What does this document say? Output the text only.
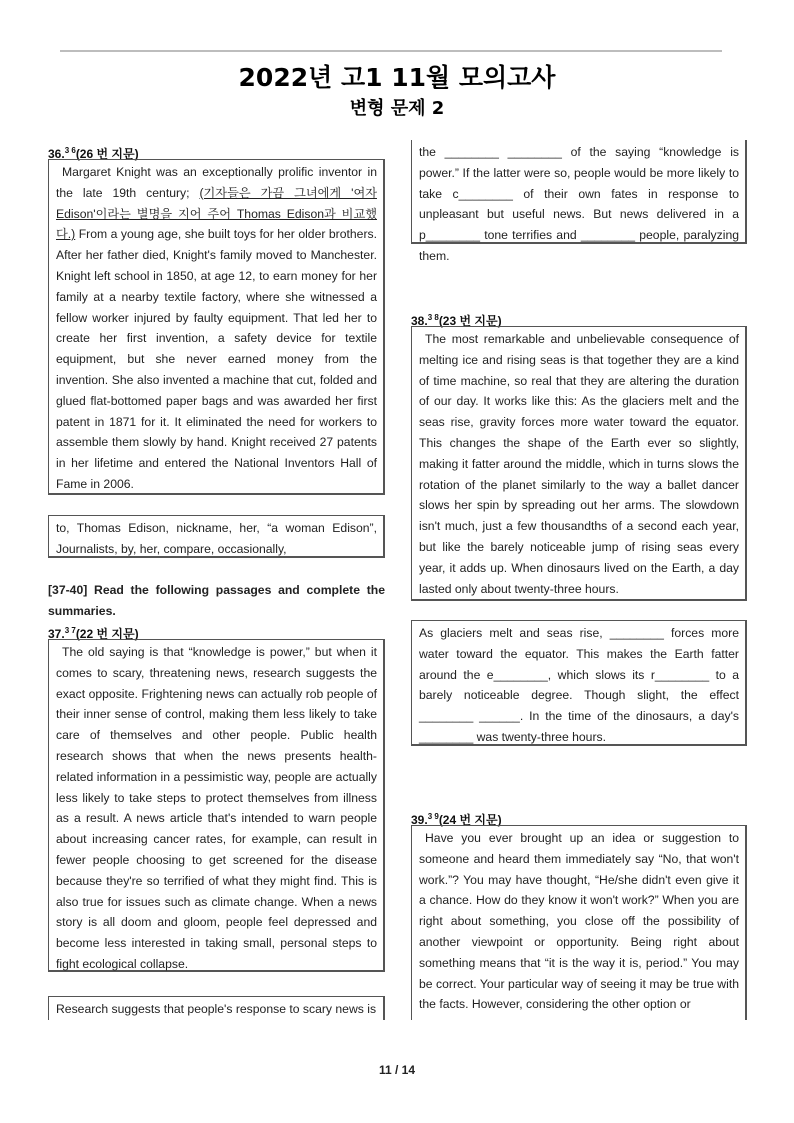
2022년 고1 11월 모의고사
변형 문제 2
36.$^{3 6}$(26 번 지문)
Margaret Knight was an exceptionally prolific inventor in the late 19th century; (기자들은 가끔 그녀에게 '여자 Edison'이라는 별명을 지어 주어 Thomas Edison과 비교했다.) From a young age, she built toys for her older brothers. After her father died, Knight's family moved to Manchester. Knight left school in 1850, at age 12, to earn money for her family at a nearby textile factory, where she witnessed a fellow worker injured by faulty equipment. That led her to create her first invention, a safety device for textile equipment, but she never earned money from the invention. She also invented a machine that cut, folded and glued flat-bottomed paper bags and was awarded her first patent in 1871 for it. It eliminated the need for workers to assemble them slowly by hand. Knight received 27 patents in her lifetime and entered the National Inventors Hall of Fame in 2006.
to, Thomas Edison, nickname, her, “a woman Edison”, Journalists, by, her, compare, occasionally,
[37-40] Read the following passages and complete the summaries.
37.$^{3 7}$(22 번 지문)
The old saying is that “knowledge is power,” but when it comes to scary, threatening news, research suggests the exact opposite. Frightening news can actually rob people of their inner sense of control, making them less likely to take care of themselves and other people. Public health research shows that when the news presents health-related information in a pessimistic way, people are actually less likely to take steps to protect themselves from illness as a result. A news article that's intended to warn people about increasing cancer rates, for example, can result in fewer people choosing to get screened for the disease because they're so terrified of what they might find. This is also true for issues such as climate change. When a news story is all doom and gloom, people feel depressed and become less interested in taking small, personal steps to fight ecological collapse.
Research suggests that people's response to scary news is
the ________ ________ of the saying “knowledge is power.” If the latter were so, people would be more likely to take c________ of their own fates in response to unpleasant but useful news. But news delivered in a p________ tone terrifies and ________ people, paralyzing them.
38.$^{3 8}$(23 번 지문)
The most remarkable and unbelievable consequence of melting ice and rising seas is that together they are a kind of time machine, so real that they are altering the duration of our day. It works like this: As the glaciers melt and the seas rise, gravity forces more water toward the equator. This changes the shape of the Earth ever so slightly, making it fatter around the middle, which in turns slows the rotation of the planet similarly to the way a ballet dancer slows her spin by spreading out her arms. The slowdown isn't much, just a few thousandths of a second each year, but like the barely noticeable jump of rising seas every year, it adds up. When dinosaurs lived on the Earth, a day lasted only about twenty-three hours.
As glaciers melt and seas rise, ________ forces more water toward the equator. This makes the Earth fatter around the e________, which slows its r________ to a barely noticeable degree. Though slight, the effect ________ ______. In the time of the dinosaurs, a day's ________ was twenty-three hours.
39.$^{3 9}$(24 번 지문)
Have you ever brought up an idea or suggestion to someone and heard them immediately say “No, that won't work.”? You may have thought, “He/she didn't even give it a chance. How do they know it won't work?” When you are right about something, you close off the possibility of another viewpoint or opportunity. Being right about something means that “it is the way it is, period.” You may be correct. Your particular way of seeing it may be true with the facts. However, considering the other option or
11 / 14
